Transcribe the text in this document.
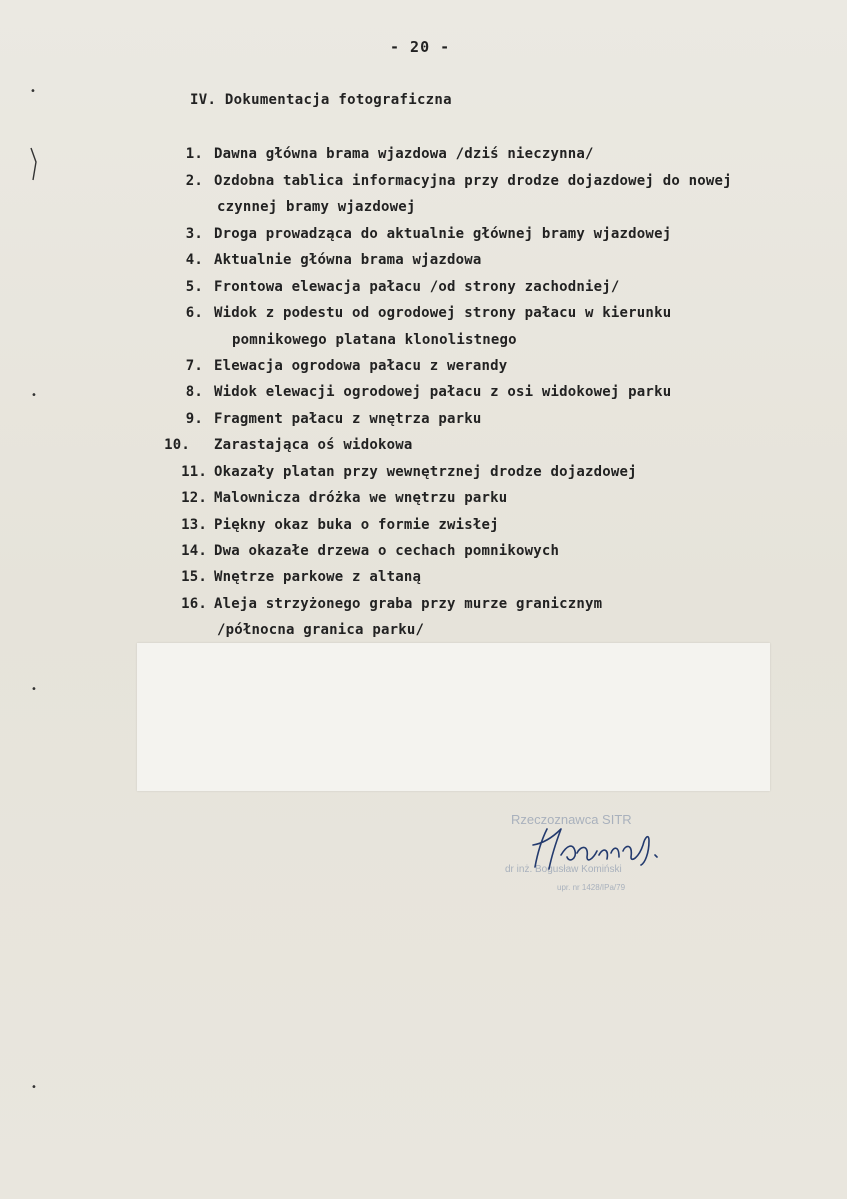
- 20 -
IV. Dokumentacja fotograficzna
1. Dawna główna brama wjazdowa /dziś nieczynna/
2. Ozdobna tablica informacyjna przy drodze dojazdowej do nowej
czynnej bramy wjazdowej
3. Droga prowadząca do aktualnie głównej bramy wjazdowej
4. Aktualnie główna brama wjazdowa
5. Frontowa elewacja pałacu /od strony zachodniej/
6. Widok z podestu od ogrodowej strony pałacu w kierunku
pomnikowego platana klonolistnego
7. Elewacja ogrodowa pałacu z werandy
8. Widok elewacji ogrodowej pałacu z osi widokowej parku
9. Fragment pałacu z wnętrza parku
10. Zarastająca oś widokowa
11. Okazały platan przy wewnętrznej drodze dojazdowej
12. Malownicza dróżka we wnętrzu parku
13. Piękny okaz buka o formie zwisłej
14. Dwa okazałe drzewa o cechach pomnikowych
15. Wnętrze parkowe z altaną
16. Aleja strzyżonego graba przy murze granicznym
/północna granica parku/
Rzeczoznawca SITR
dr inż. Bogusław Komiński
upr. nr 1428/IPa/79
•
•
•
•
